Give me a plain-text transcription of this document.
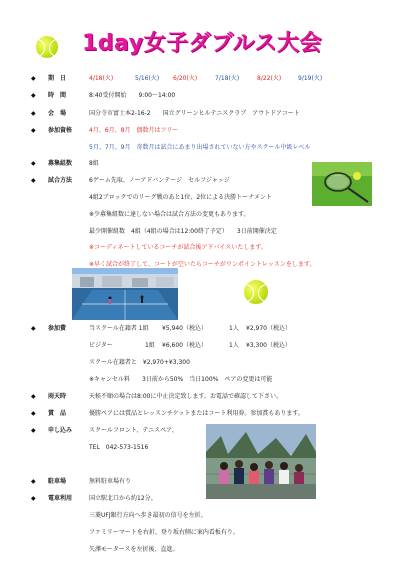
1day女子ダブルス大会
◆ 期　日	4/18(火)	5/16(火) 6/20(火)	7/18(火)	8/22(火)	9/19(火)
◆ 時　間	8:40受付開始　　9:00～14:00
◆ 会　場	国分寺市富士本2-16-2　　国立グリーンヒルテニスクラブ　アウトドアコート
◆ 参加資格	4月、6月、8月　偶数月はフリー
5月、7月、9月　奇数月は試合にあまり出場されていない方やスクール中級レベル
◆ 募集組数	8組
◆ 試合方法	6ゲーム先取、ノーアドバンテージ　セルフジャッジ
4組2ブロックでのリーグ戦のあと1位、2位による決勝トーナメント
※少募集組数に達しない場合は試合方法の変更もあります。
最少開催組数　4組（4組の場合は12:00終了予定）　　3日前開催決定
※コーディネートしているコーチが試合後アドバイスいたします。
※早く試合が終了して、コートが空いたらコーチがワンポイントレッスンをします。
◆ 参加費	当スクール在籍者 1組 ¥5,940（税込）	1人 ¥2,970（税込）
ビジター	1組 ¥6,600（税込）	1人 ¥3,300（税込）
スクール在籍者と　¥2,970+¥3,300
※キャンセル料　　3日前から50%　当日100%　ペアの変更は可能
◆ 雨天時	天候不順の場合は8:00に中止決定致します。お電話で確認して下さい。
◆ 賞　品	優勝ペアには賞品とレッスンチケットまたはコート利用券。参加賞もあります。
◆ 申し込み	スクールフロント、テニスペア、
TEL　042-573-1516
◆ 駐車場	無料駐車場有り
◆ 電車利用	国立駅北口から約12分。
三菱UFJ銀行方向へ歩き最初の信号を左折。
ファミリーマートを右折、登り坂右側に案内看板有り。
矢澤モータースを左折後、直進。
